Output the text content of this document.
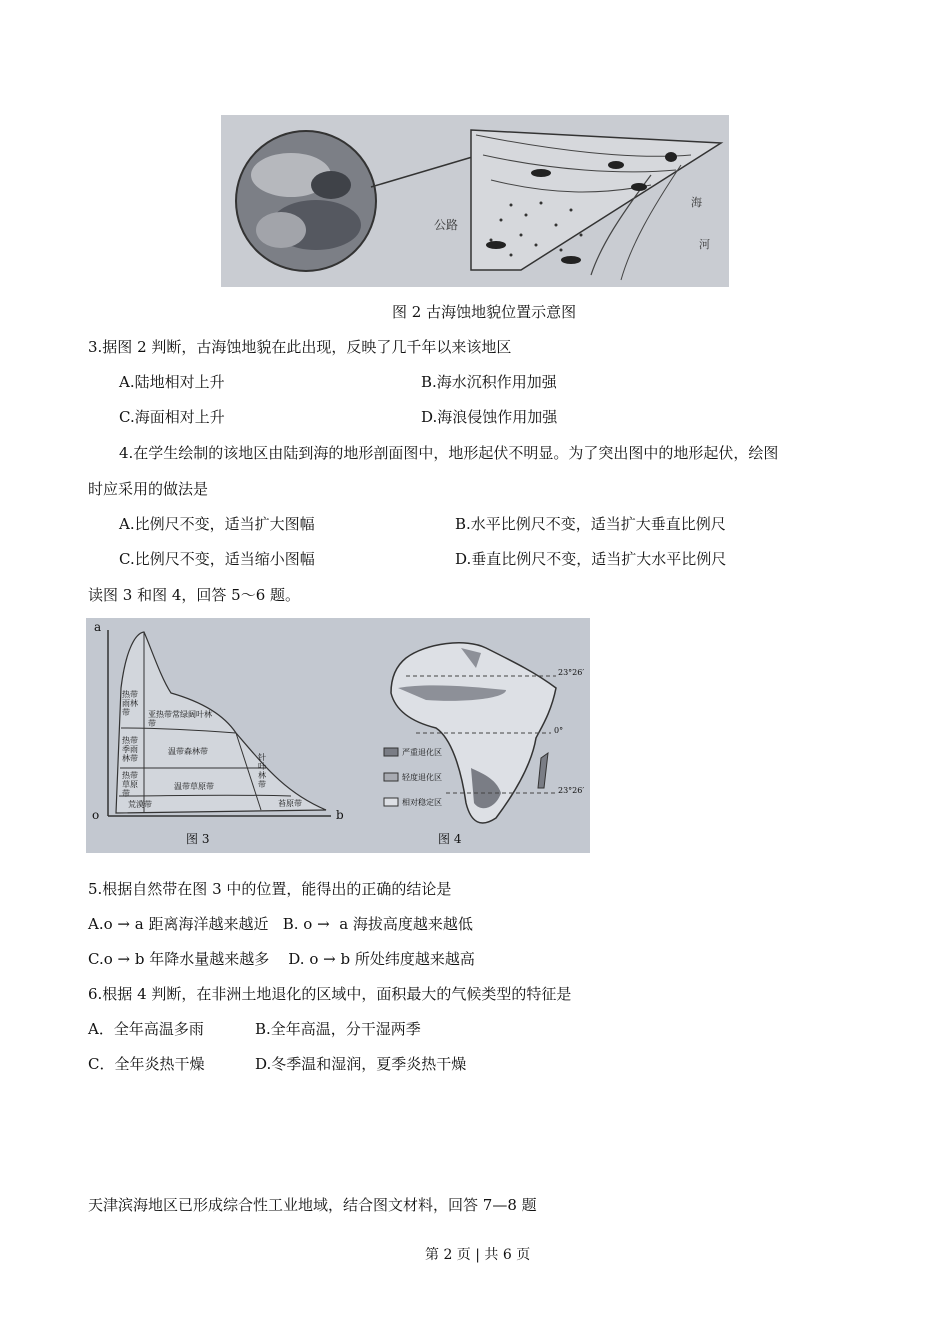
公路
海
河
图 2 古海蚀地貌位置示意图
3.据图 2 判断，古海蚀地貌在此出现，反映了几千年以来该地区
A.陆地相对上升	B.海水沉积作用加强
C.海面相对上升	D.海浪侵蚀作用加强
4.在学生绘制的该地区由陆到海的地形剖面图中，地形起伏不明显。为了突出图中的地形起伏，绘图
时应采用的做法是
A.比例尺不变，适当扩大图幅	B.水平比例尺不变，适当扩大垂直比例尺
C.比例尺不变，适当缩小图幅	D.垂直比例尺不变，适当扩大水平比例尺
读图 3 和图 4，回答 5～6 题。
a
o	b
热带雨林带
热带季雨林带
热带草原带
荒漠带
亚热带常绿阔叶林带
温带森林带
温带草原带
针叶林带
苔原带
图 3
23°26′
0°
23°26′
严重退化区
轻度退化区
相对稳定区
图 4
5.根据自然带在图 3 中的位置，能得出的正确的结论是
A.o → a 距离海洋越来越近   B. o →  a 海拔高度越来越低
C.o → b 年降水量越来越多    D. o → b 所处纬度越来越高
6.根据 4 判断，在非洲土地退化的区域中，面积最大的气候类型的特征是
A．全年高温多雨	B.全年高温，分干湿两季
C．全年炎热干燥	D.冬季温和湿润，夏季炎热干燥
天津滨海地区已形成综合性工业地域，结合图文材料，回答 7—8 题
第 2 页 | 共 6 页
